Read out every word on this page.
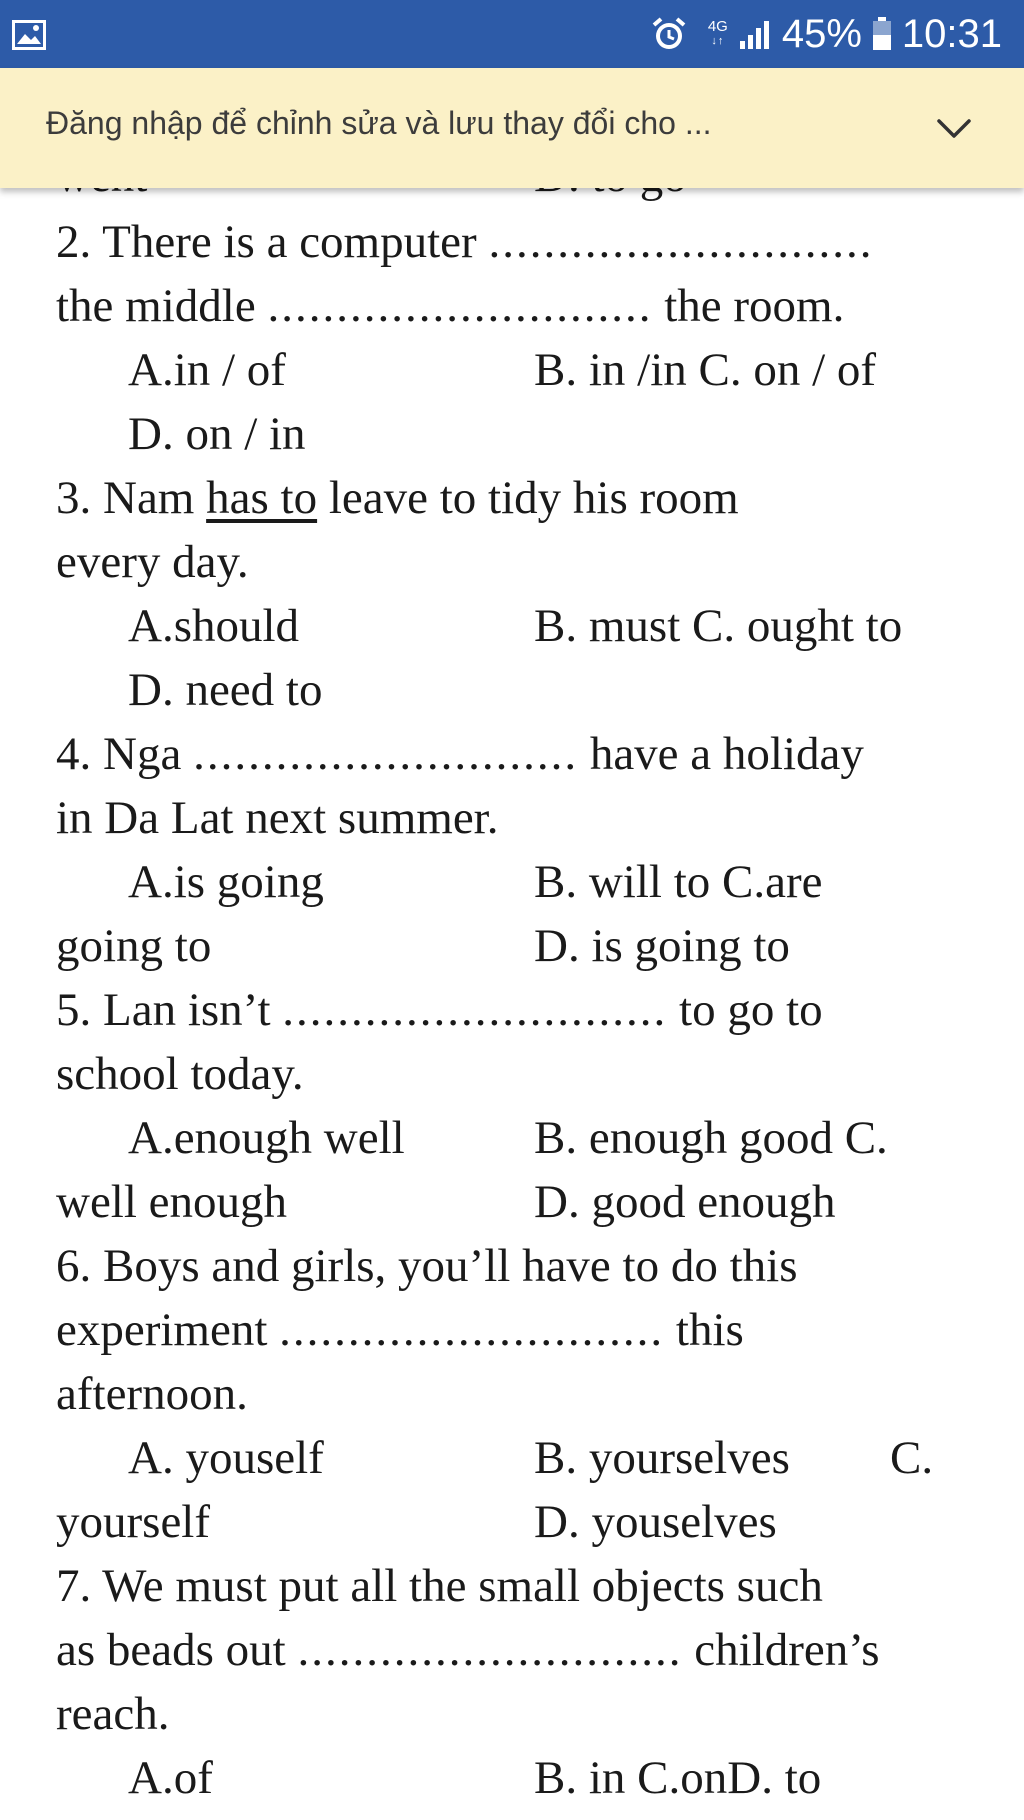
4G
↓↑ 45% 10:31
Đăng nhập để chỉnh sửa và lưu thay đổi cho ...
2. There is a computer ............................
the middle ............................ the room.
A.in / of	B. in /in C. on / of
D. on / in
3. Nam has to leave to tidy his room
every day.
A.should	B. must C. ought to
D. need to
4. Nga ............................ have a holiday
in Da Lat next summer.
A.is going	B. will to C.are
going to	D. is going to
5. Lan isn’t ............................ to go to
school today.
A.enough well	B. enough good C.
well enough	D. good enough
6. Boys and girls, you’ll have to do this
experiment ............................ this
afternoon.
A. youself	B. yourselves C.
yourself	D. youselves
7. We must put all the small objects such
as beads out ............................ children’s
reach.
A.of	B. in C.onD. to
